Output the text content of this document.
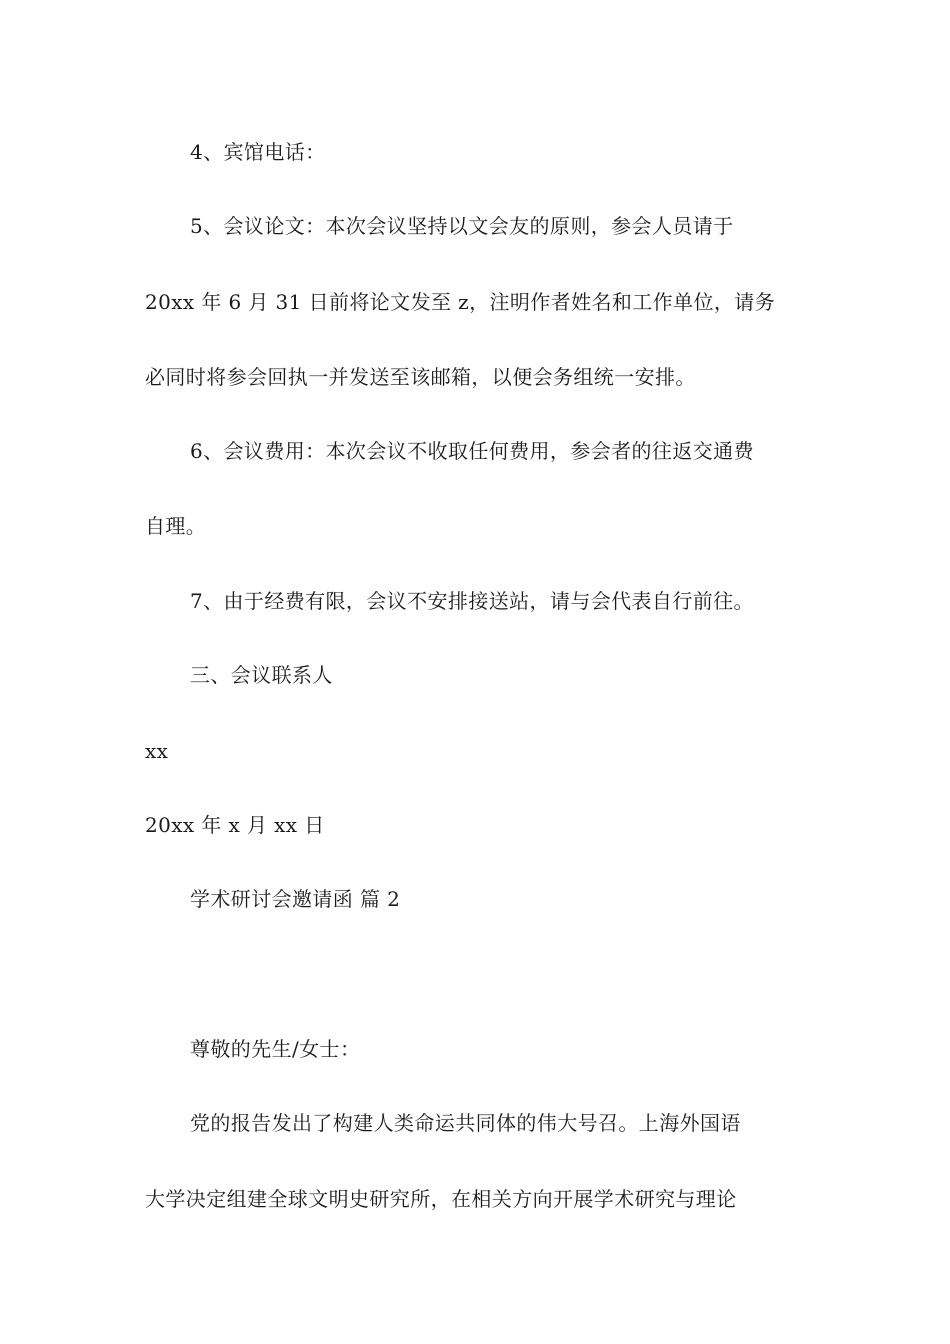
4、宾馆电话：
5、会议论文：本次会议坚持以文会友的原则，参会人员请于
20xx 年 6 月 31 日前将论文发至 z，注明作者姓名和工作单位，请务
必同时将参会回执一并发送至该邮箱，以便会务组统一安排。
6、会议费用：本次会议不收取任何费用，参会者的往返交通费
自理。
7、由于经费有限，会议不安排接送站，请与会代表自行前往。
三、会议联系人
xx
20xx 年 x 月 xx 日
学术研讨会邀请函 篇 2
尊敬的先生/女士：
党的报告发出了构建人类命运共同体的伟大号召。上海外国语
大学决定组建全球文明史研究所，在相关方向开展学术研究与理论
